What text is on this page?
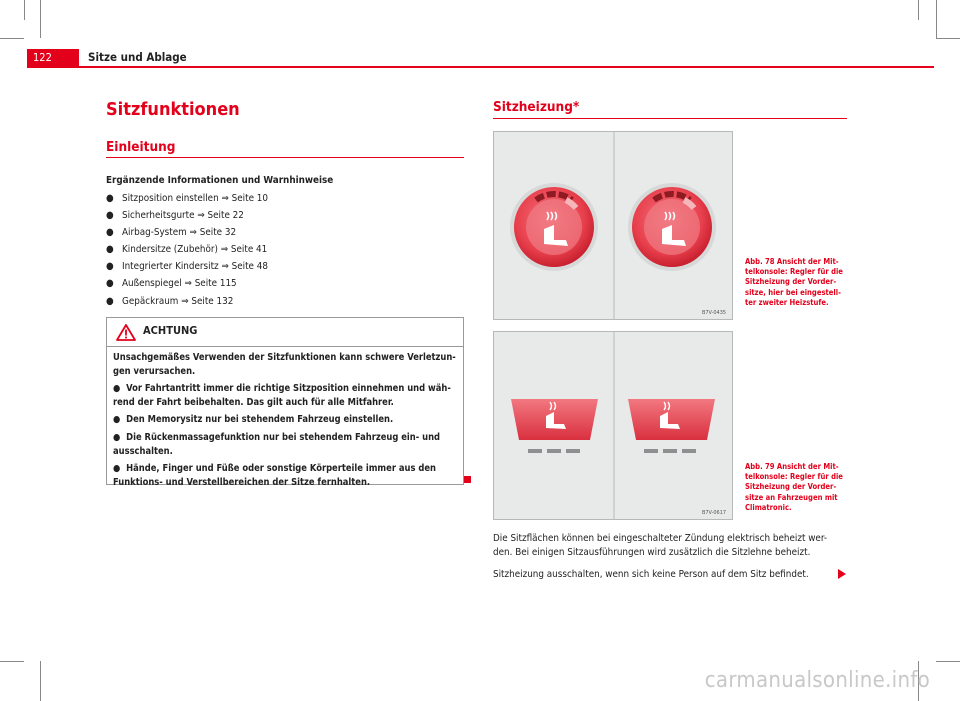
122	Sitze und Ablage
Sitzfunktionen
Einleitung
Ergänzende Informationen und Warnhinweise
● Sitzposition einstellen ⇒ Seite 10
● Sicherheitsgurte ⇒ Seite 22
● Airbag-System ⇒ Seite 32
● Kindersitze (Zubehör) ⇒ Seite 41
● Integrierter Kindersitz ⇒ Seite 48
● Außenspiegel ⇒ Seite 115
● Gepäckraum ⇒ Seite 132
ACHTUNG

Unsachgemäßes Verwenden der Sitzfunktionen kann schwere Verletzun- gen verursachen.

● Vor Fahrtantritt immer die richtige Sitzposition einnehmen und wäh- rend der Fahrt beibehalten. Das gilt auch für alle Mitfahrer.

● Den Memorysitz nur bei stehendem Fahrzeug einstellen.

● Die Rückenmassagefunktion nur bei stehendem Fahrzeug ein- und ausschalten.

● Hände, Finger und Füße oder sonstige Körperteile immer aus den Funktions- und Verstellbereichen der Sitze fernhalten.

Sitzheizung*
B7V-0435
Abb. 78 Ansicht der Mit- telkonsole: Regler für die Sitzheizung der Vorder- sitze, hier bei eingestell- ter zweiter Heizstufe.
B7V-0617
Abb. 79 Ansicht der Mit- telkonsole: Regler für die Sitzheizung der Vorder- sitze an Fahrzeugen mit Climatronic.
Die Sitzflächen können bei eingeschalteter Zündung elektrisch beheizt wer- den. Bei einigen Sitzausführungen wird zusätzlich die Sitzlehne beheizt.
Sitzheizung ausschalten, wenn sich keine Person auf dem Sitz befindet.
carmanualsonline.info
